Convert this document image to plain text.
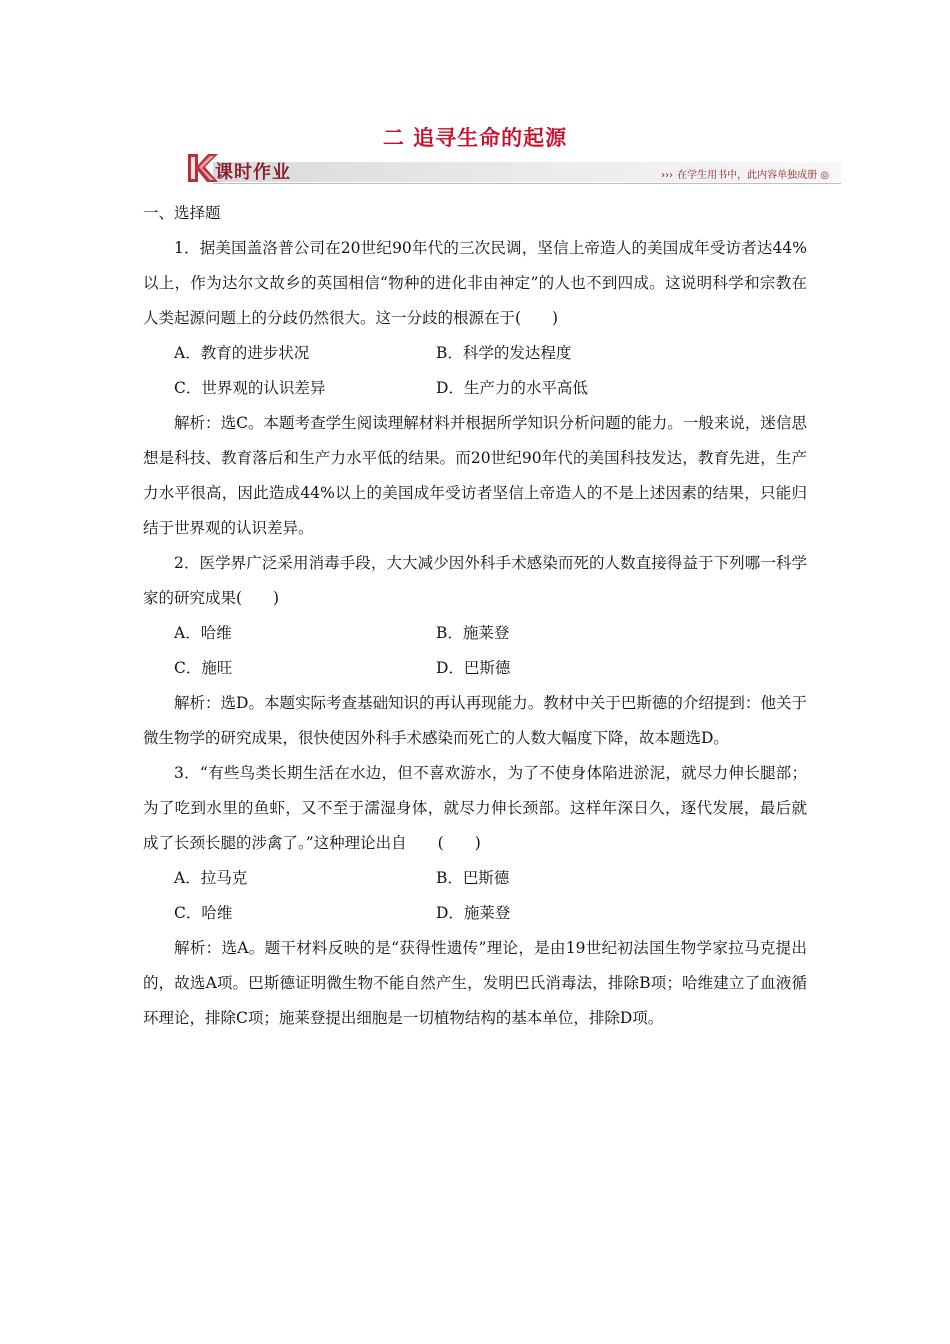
二 追寻生命的起源
课时作业	››› 在学生用书中，此内容单独成册 ◎

一、选择题

1．据美国盖洛普公司在20世纪90年代的三次民调，坚信上帝造人的美国成年受访者达44%以上，作为达尔文故乡的英国相信“物种的进化非由神定”的人也不到四成。这说明科学和宗教在人类起源问题上的分歧仍然很大。这一分歧的根源在于(　　)

A．教育的进步状况	B．科学的发达程度
C．世界观的认识差异	D．生产力的水平高低

解析：选C。本题考查学生阅读理解材料并根据所学知识分析问题的能力。一般来说，迷信思想是科技、教育落后和生产力水平低的结果。而20世纪90年代的美国科技发达，教育先进，生产力水平很高，因此造成44%以上的美国成年受访者坚信上帝造人的不是上述因素的结果，只能归结于世界观的认识差异。

2．医学界广泛采用消毒手段，大大减少因外科手术感染而死的人数直接得益于下列哪一科学家的研究成果(　　)

A．哈维	B．施莱登
C．施旺	D．巴斯德

解析：选D。本题实际考查基础知识的再认再现能力。教材中关于巴斯德的介绍提到：他关于微生物学的研究成果，很快使因外科手术感染而死亡的人数大幅度下降，故本题选D。

3．“有些鸟类长期生活在水边，但不喜欢游水，为了不使身体陷进淤泥，就尽力伸长腿部；为了吃到水里的鱼虾，又不至于濡湿身体，就尽力伸长颈部。这样年深日久，逐代发展，最后就成了长颈长腿的涉禽了。”这种理论出自　　(　　)

A．拉马克	B．巴斯德
C．哈维	D．施莱登

解析：选A。题干材料反映的是“获得性遗传”理论，是由19世纪初法国生物学家拉马克提出的，故选A项。巴斯德证明微生物不能自然产生，发明巴氏消毒法，排除B项；哈维建立了血液循环理论，排除C项；施莱登提出细胞是一切植物结构的基本单位，排除D项。
